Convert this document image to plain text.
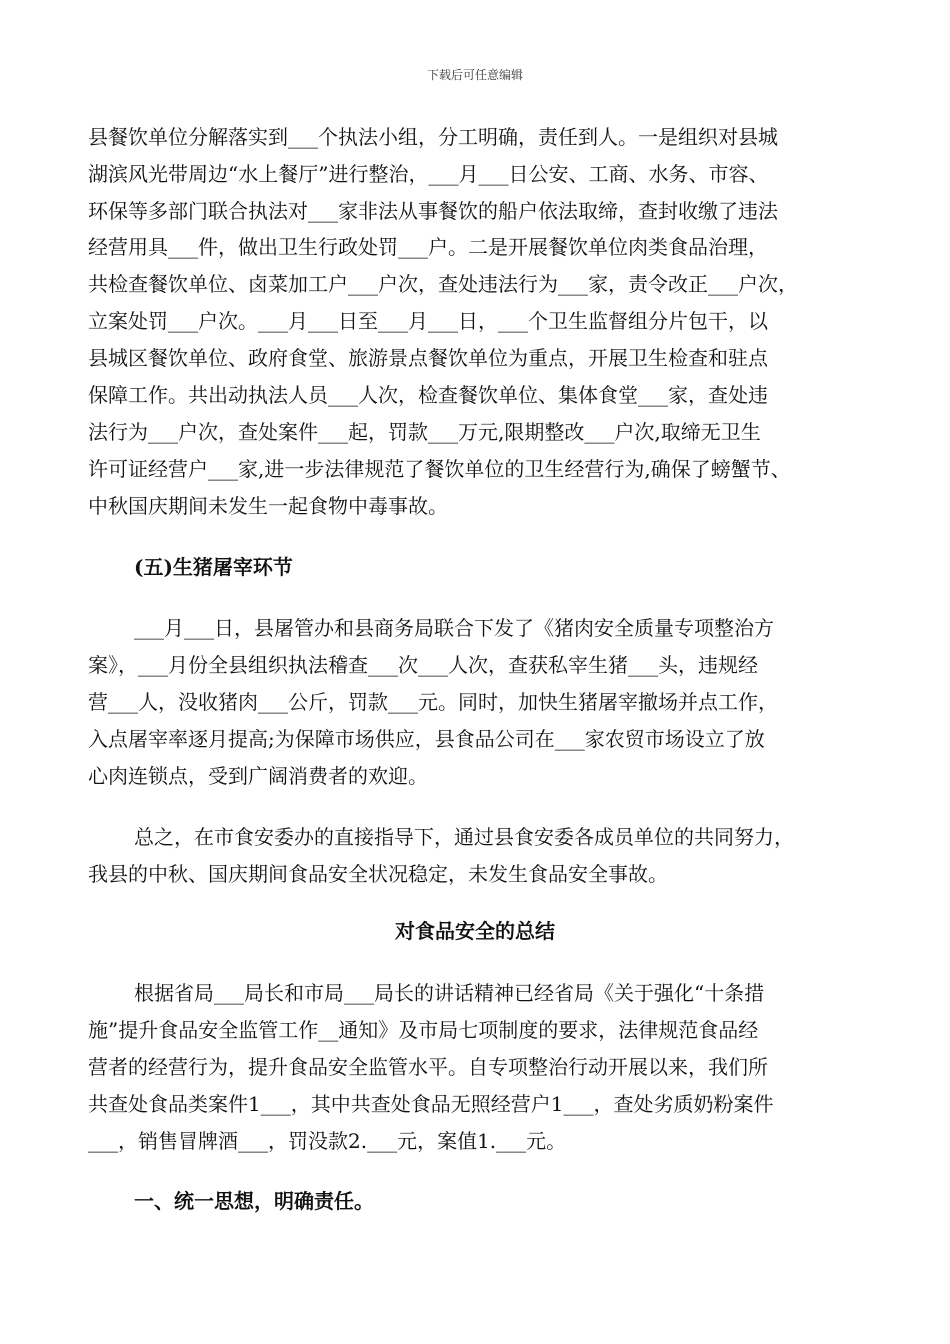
下载后可任意编辑
县餐饮单位分解落实到___个执法小组，分工明确，责任到人。一是组织对县城
湖滨风光带周边“水上餐厅”进行整治，___月___日公安、工商、水务、市容、
环保等多部门联合执法对___家非法从事餐饮的船户依法取缔，查封收缴了违法
经营用具___件，做出卫生行政处罚___户。二是开展餐饮单位肉类食品治理，
共检查餐饮单位、卤菜加工户___户次，查处违法行为___家，责令改正___户次，
立案处罚___户次。___月___日至___月___日，___个卫生监督组分片包干，以
县城区餐饮单位、政府食堂、旅游景点餐饮单位为重点，开展卫生检查和驻点
保障工作。共出动执法人员___人次，检查餐饮单位、集体食堂___家，查处违
法行为___户次，查处案件___起，罚款___万元,限期整改___户次,取缔无卫生
许可证经营户___家,进一步法律规范了餐饮单位的卫生经营行为,确保了螃蟹节、
中秋国庆期间未发生一起食物中毒事故。
(五)生猪屠宰环节
___月___日，县屠管办和县商务局联合下发了《猪肉安全质量专项整治方
案》，___月份全县组织执法稽查___次___人次，查获私宰生猪___头，违规经
营___人，没收猪肉___公斤，罚款___元。同时，加快生猪屠宰撤场并点工作，
入点屠宰率逐月提高;为保障市场供应，县食品公司在___家农贸市场设立了放
心肉连锁点，受到广阔消费者的欢迎。
总之，在市食安委办的直接指导下，通过县食安委各成员单位的共同努力，
我县的中秋、国庆期间食品安全状况稳定，未发生食品安全事故。
对食品安全的总结
根据省局___局长和市局___局长的讲话精神已经省局《关于强化“十条措
施”提升食品安全监管工作__通知》及市局七项制度的要求，法律规范食品经
营者的经营行为，提升食品安全监管水平。自专项整治行动开展以来，我们所
共查处食品类案件1___，其中共查处食品无照经营户1___，查处劣质奶粉案件
___，销售冒牌酒___，罚没款2.___元，案值1.___元。
一、统一思想，明确责任。
